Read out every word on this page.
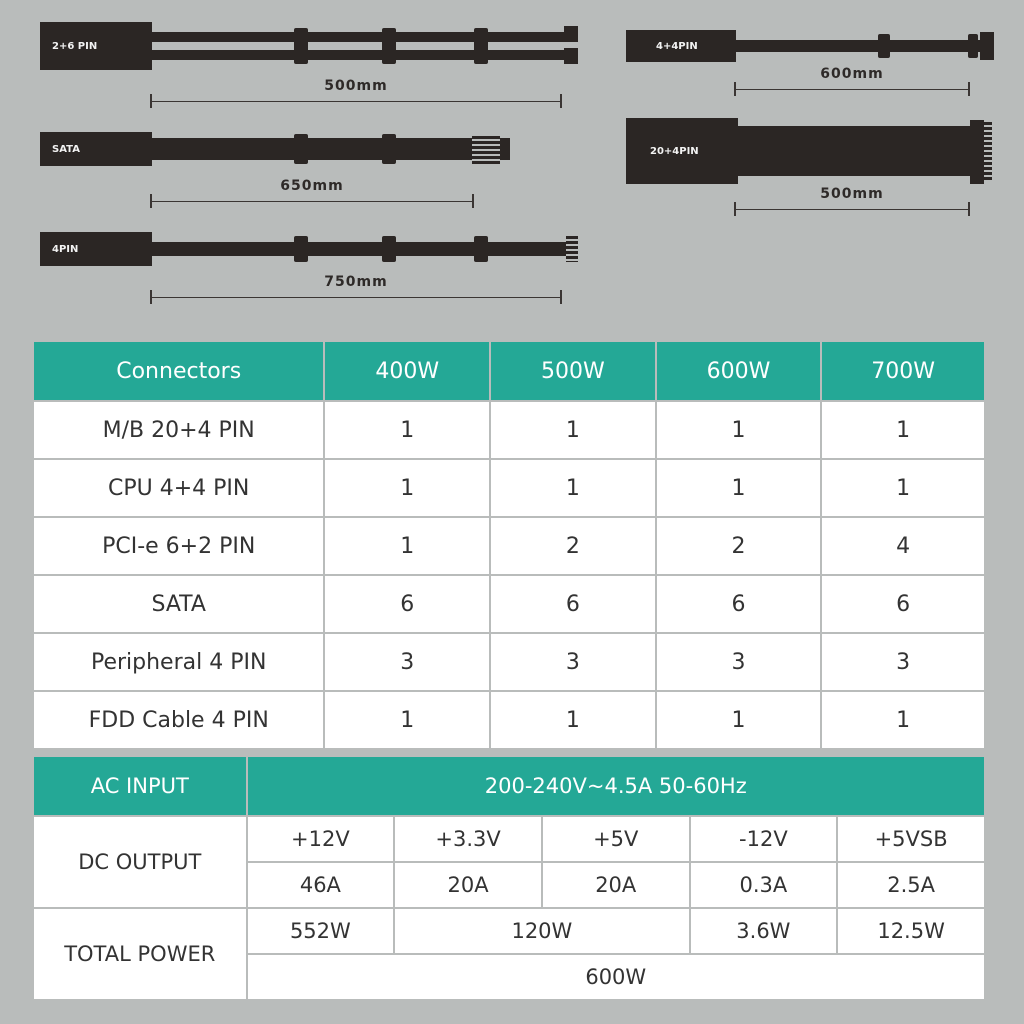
2+6 PIN
500mm
SATA
650mm
4PIN
750mm
4+4PIN
600mm
20+4PIN
500mm
Connectors	400W	500W	600W	700W
M/B 20+4 PIN	1	1	1	1
CPU 4+4 PIN	1	1	1	1
PCI-e 6+2 PIN	1	2	2	4
SATA	6	6	6	6
Peripheral 4 PIN	3	3	3	3
FDD Cable 4 PIN	1	1	1	1
AC INPUT	200-240V~4.5A 50-60Hz				
DC OUTPUT	+12V	+3.3V	+5V	-12V	+5VSB
	46A	20A	20A	0.3A	2.5A
TOTAL POWER	552W	120W		3.6W	12.5W
	600W				
